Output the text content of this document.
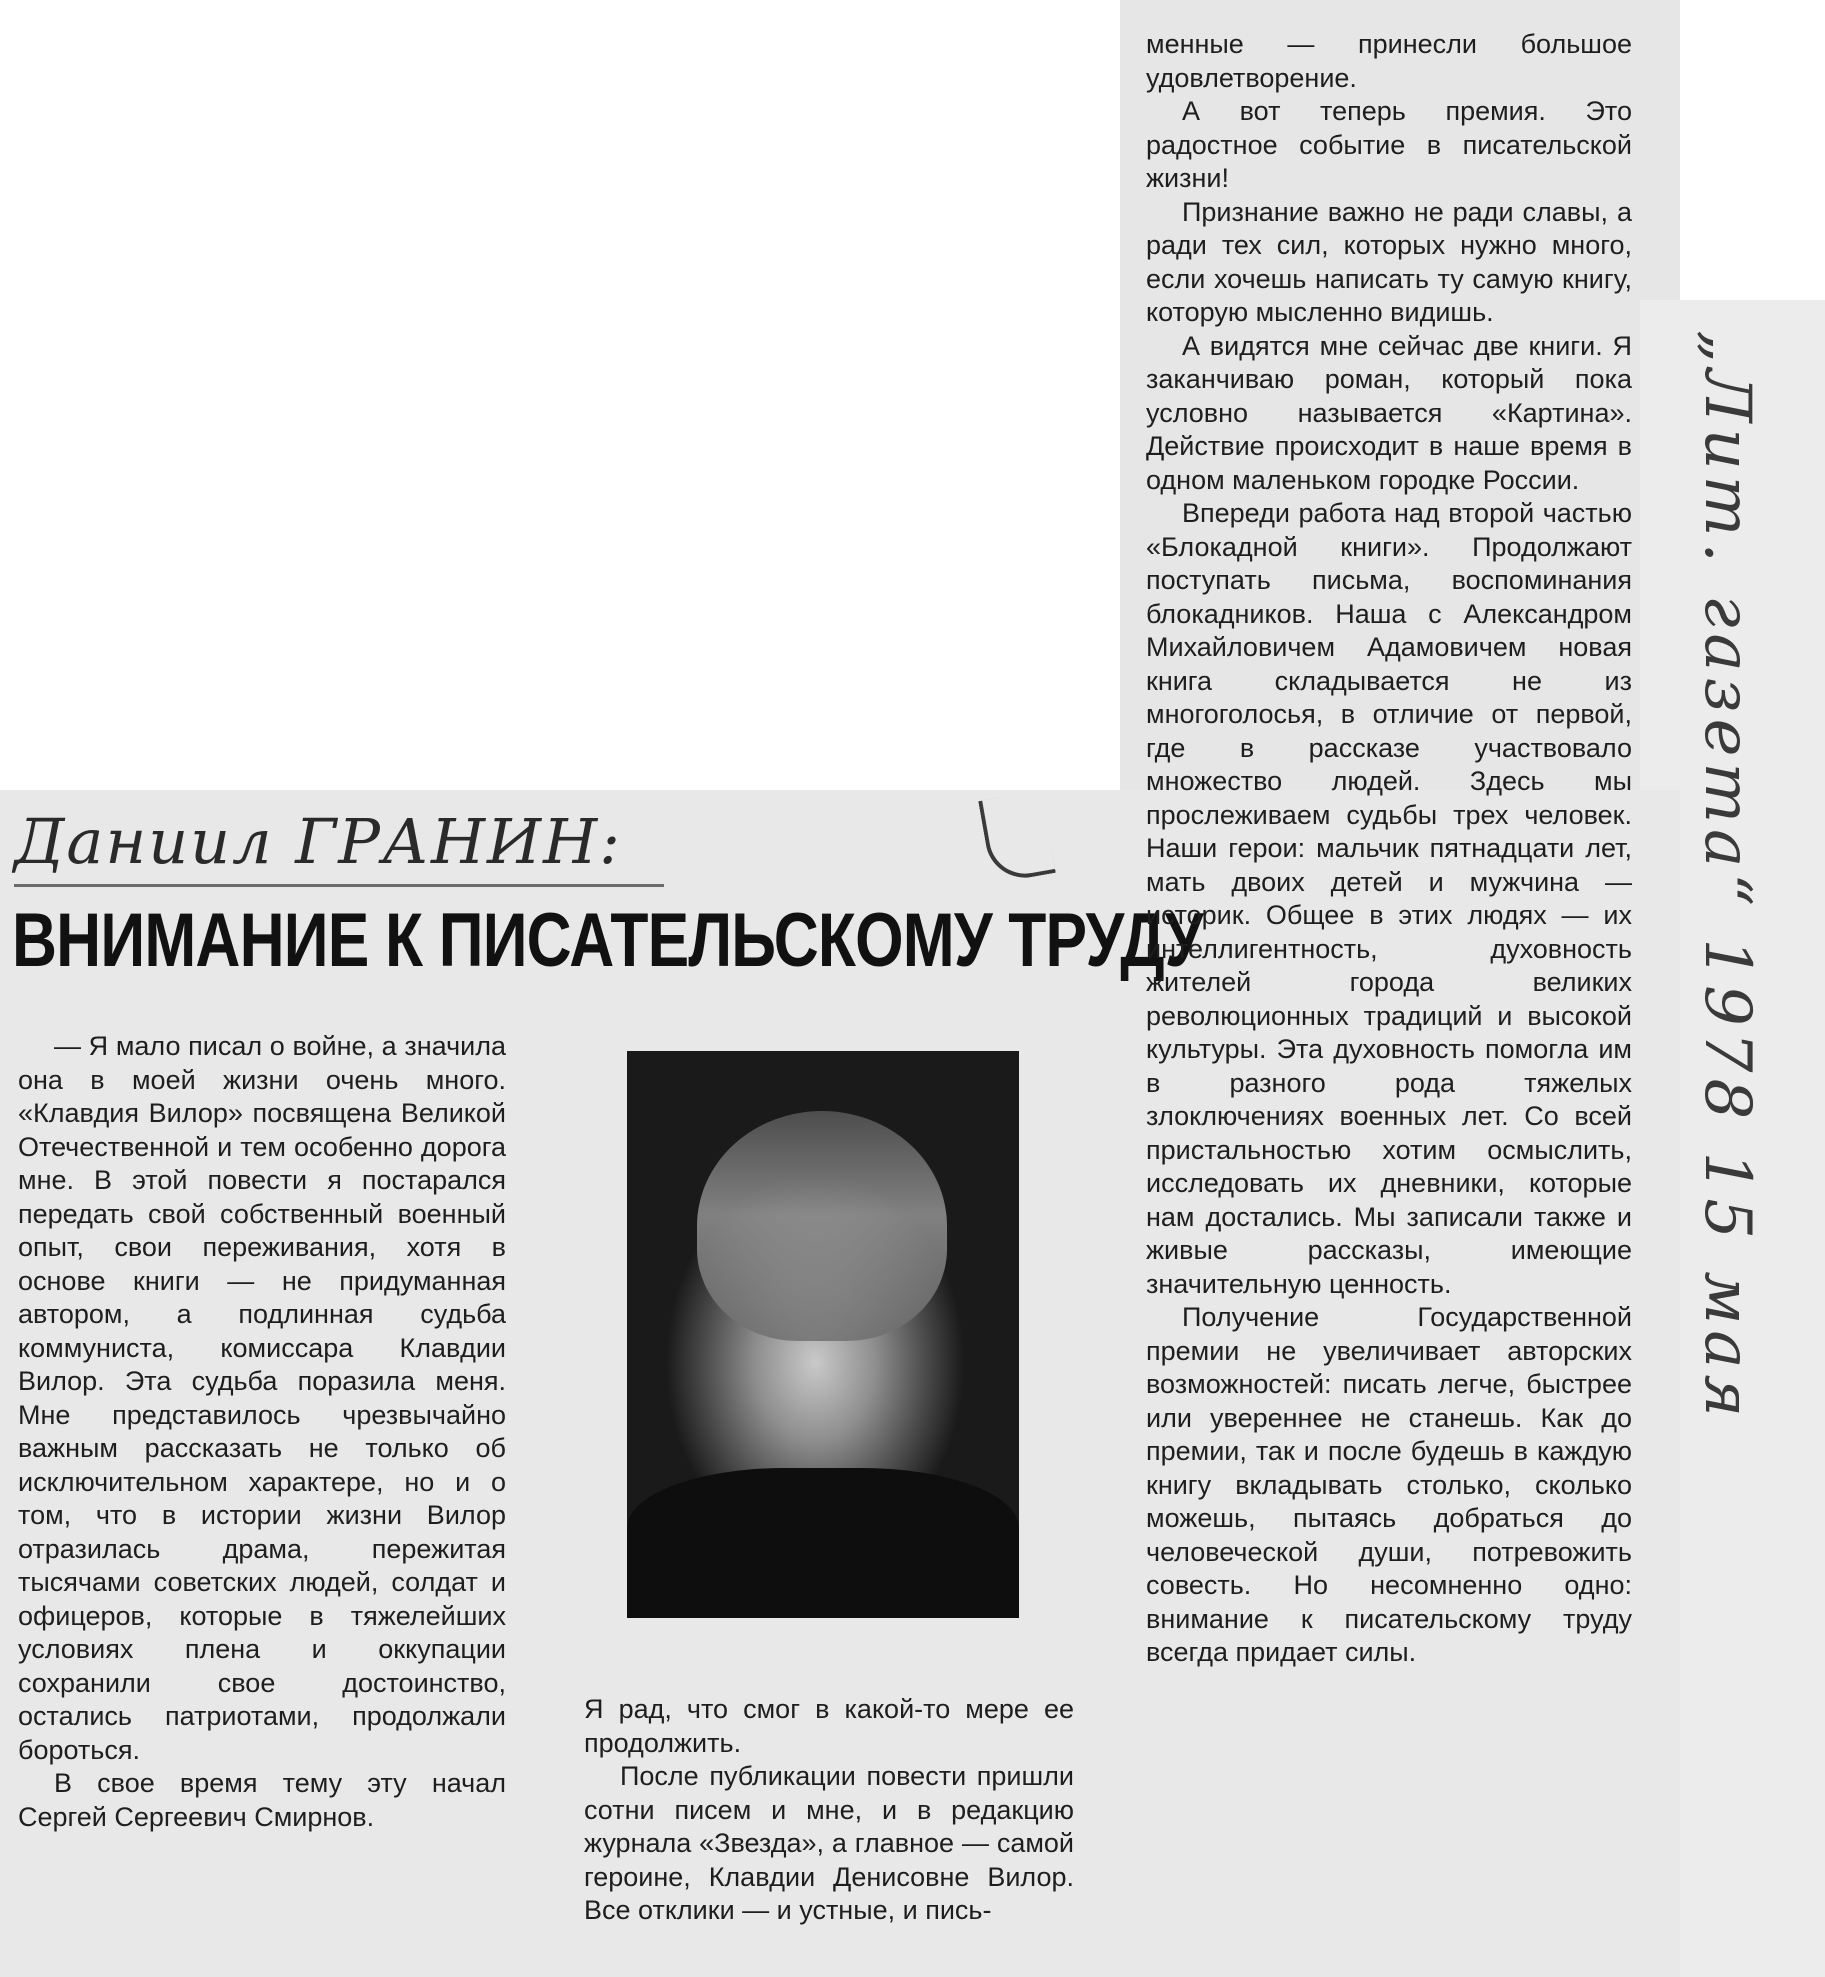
Даниил ГРАНИН:
ВНИМАНИЕ К ПИСАТЕЛЬСКОМУ ТРУДУ

— Я мало писал о войне, а значила она в моей жизни очень много. «Клавдия Вилор» посвящена Великой Отечественной и тем особенно дорога мне. В этой повести я постарался передать свой собственный военный опыт, свои переживания, хотя в основе книги — не придуманная автором, а подлинная судьба коммуниста, комиссара Клавдии Вилор. Эта судьба поразила меня. Мне представилось чрезвычайно важным рассказать не только об исключительном характере, но и о том, что в истории жизни Вилор отразилась драма, пережитая тысячами советских людей, солдат и офицеров, которые в тяжелейших условиях плена и оккупации сохранили свое достоинство, остались патриотами, продолжали бороться.

В свое время тему эту начал Сергей Сергеевич Смирнов.

Я рад, что смог в какой-то мере ее продолжить.

После публикации повести пришли сотни писем и мне, и в редакцию журнала «Звезда», а главное — самой героине, Клавдии Денисовне Вилор. Все отклики — и устные, и пись-

менные — принесли большое удовлетворение.

А вот теперь премия. Это радостное событие в писательской жизни!

Признание важно не ради славы, а ради тех сил, которых нужно много, если хочешь написать ту самую книгу, которую мысленно видишь.

А видятся мне сейчас две книги. Я заканчиваю роман, который пока условно называется «Картина». Действие происходит в наше время в одном маленьком городке России.

Впереди работа над второй частью «Блокадной книги». Продолжают поступать письма, воспоминания блокадников. Наша с Александром Михайловичем Адамовичем новая книга складывается не из многоголосья, в отличие от первой, где в рассказе участвовало множество людей. Здесь мы прослеживаем судьбы трех человек. Наши герои: мальчик пятнадцати лет, мать двоих детей и мужчина — историк. Общее в этих людях — их интеллигентность, духовность жителей города великих революционных традиций и высокой культуры. Эта духовность помогла им в разного рода тяжелых злоключениях военных лет. Со всей пристальностью хотим осмыслить, исследовать их дневники, которые нам достались. Мы записали также и живые рассказы, имеющие значительную ценность.

Получение Государственной премии не увеличивает авторских возможностей: писать легче, быстрее или увереннее не станешь. Как до премии, так и после будешь в каждую книгу вкладывать столько, сколько можешь, пытаясь добраться до человеческой души, потревожить совесть. Но несомненно одно: внимание к писательскому труду всегда придает силы.

„Лит. газета“ 1978 15 мая
